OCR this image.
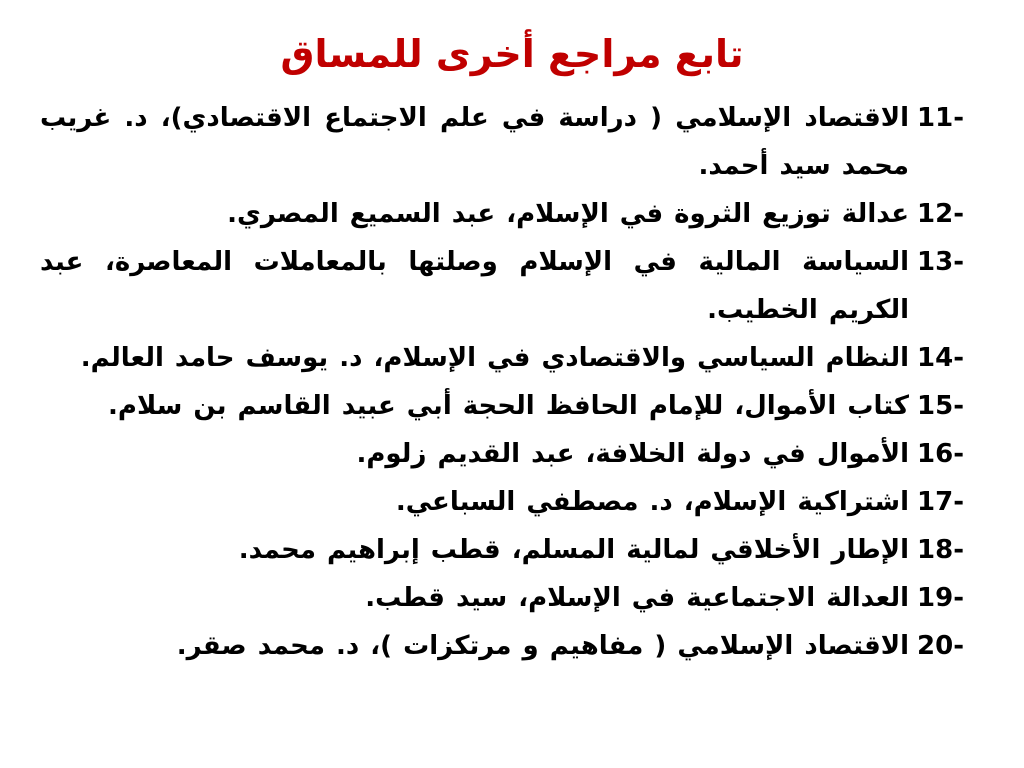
تابع مراجع أخرى للمساق
11-
الاقتصاد الإسلامي ( دراسة في علم الاجتماع الاقتصادي)، د. غريب محمد سيد أحمد.
12-
عدالة توزيع الثروة في الإسلام، عبد السميع المصري.
13-
السياسة المالية في الإسلام وصلتها بالمعاملات المعاصرة، عبد الكريم الخطيب.
14-
النظام السياسي والاقتصادي في الإسلام، د. يوسف حامد العالم.
15-
كتاب الأموال، للإمام الحافظ الحجة أبي عبيد القاسم بن سلام.
16-
الأموال في دولة الخلافة، عبد القديم زلوم.
17-
اشتراكية الإسلام، د. مصطفي السباعي.
18-
الإطار الأخلاقي لمالية المسلم، قطب إبراهيم محمد.
19-
العدالة الاجتماعية في الإسلام، سيد قطب.
20-
الاقتصاد الإسلامي ( مفاهيم و مرتكزات )، د. محمد صقر.
